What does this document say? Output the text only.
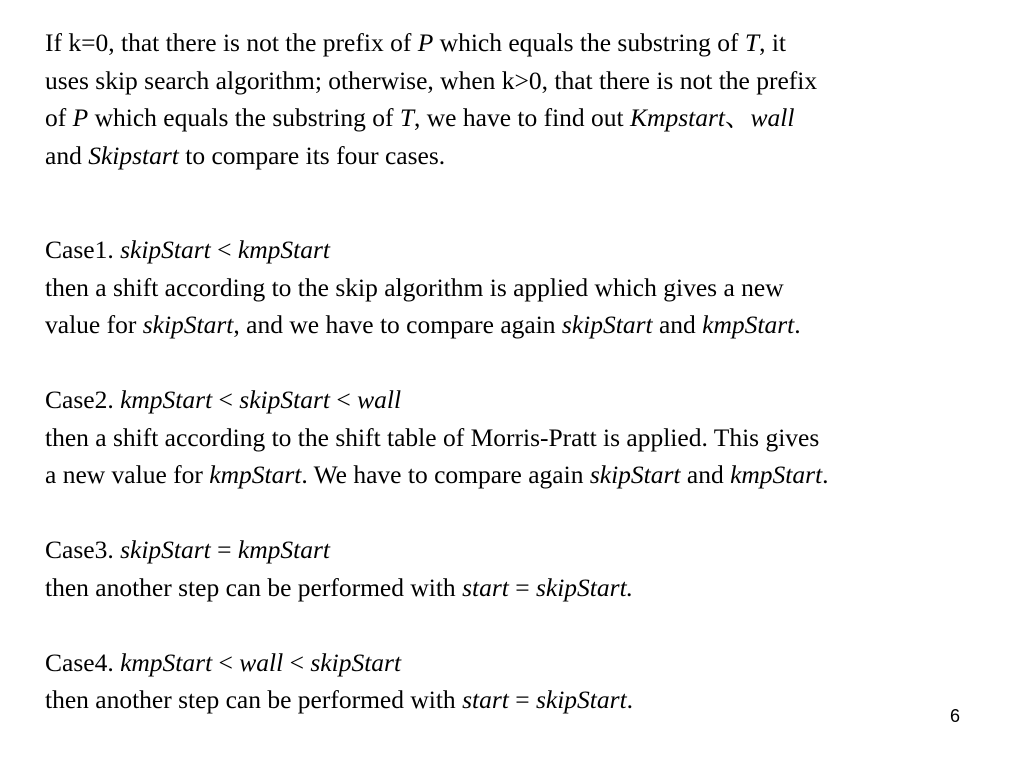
If k=0, that there is not the prefix of P which equals the substring of T, it
uses skip search algorithm; otherwise, when k>0, that there is not the prefix
of P which equals the substring of T, we have to find out Kmpstart、wall
and Skipstart to compare its four cases.
Case1. skipStart < kmpStart
then a shift according to the skip algorithm is applied which gives a new
value for skipStart, and we have to compare again skipStart and kmpStart.
Case2. kmpStart < skipStart < wall
then a shift according to the shift table of Morris-Pratt is applied. This gives
a new value for kmpStart. We have to compare again skipStart and kmpStart.
Case3. skipStart = kmpStart
then another step can be performed with start = skipStart.
Case4. kmpStart < wall < skipStart
then another step can be performed with start = skipStart.
6
